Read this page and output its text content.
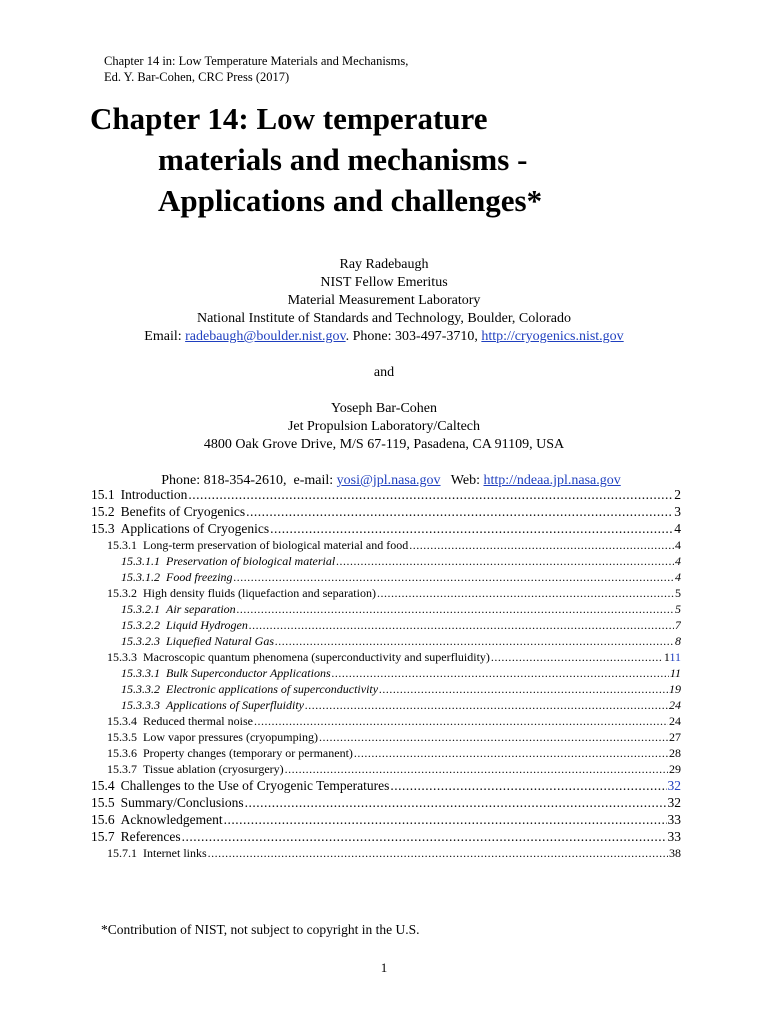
Chapter 14 in: Low Temperature Materials and Mechanisms,
Ed. Y. Bar-Cohen, CRC Press (2017)
Chapter 14: Low temperature
materials and mechanisms -
Applications and challenges*
Ray Radebaugh
NIST Fellow Emeritus
Material Measurement Laboratory
National Institute of Standards and Technology, Boulder, Colorado
Email: radebaugh@boulder.nist.gov. Phone: 303-497-3710, http://cryogenics.nist.gov
and
Yoseph Bar-Cohen
Jet Propulsion Laboratory/Caltech
4800 Oak Grove Drive, M/S 67-119, Pasadena, CA 91109, USA

Phone: 818-354-2610,  e-mail: yosi@jpl.nasa.gov   Web: http://ndeaa.jpl.nasa.gov

15.1 Introduction .....	2
15.2 Benefits of Cryogenics .....	3
15.3 Applications of Cryogenics .....	4
15.3.1 Long-term preservation of biological material and food .....	4
15.3.1.1 Preservation of biological material .....	4
15.3.1.2 Food freezing .....	4
15.3.2 High density fluids (liquefaction and separation) .....	5
15.3.2.1 Air separation .....	5
15.3.2.2 Liquid Hydrogen .....	7
15.3.2.3 Liquefied Natural Gas .....	8
15.3.3 Macroscopic quantum phenomena (superconductivity and superfluidity) .....	111
15.3.3.1 Bulk Superconductor Applications .....	11
15.3.3.2 Electronic applications of superconductivity .....	19
15.3.3.3 Applications of Superfluidity .....	24
15.3.4 Reduced thermal noise .....	24
15.3.5 Low vapor pressures (cryopumping) .....	27
15.3.6 Property changes (temporary or permanent) .....	28
15.3.7 Tissue ablation (cryosurgery) .....	29
15.4 Challenges to the Use of Cryogenic Temperatures .....	32
15.5 Summary/Conclusions .....	32
15.6 Acknowledgement .....	33
15.7 References .....	33
15.7.1 Internet links .....	38
*Contribution of NIST, not subject to copyright in the U.S.
1
